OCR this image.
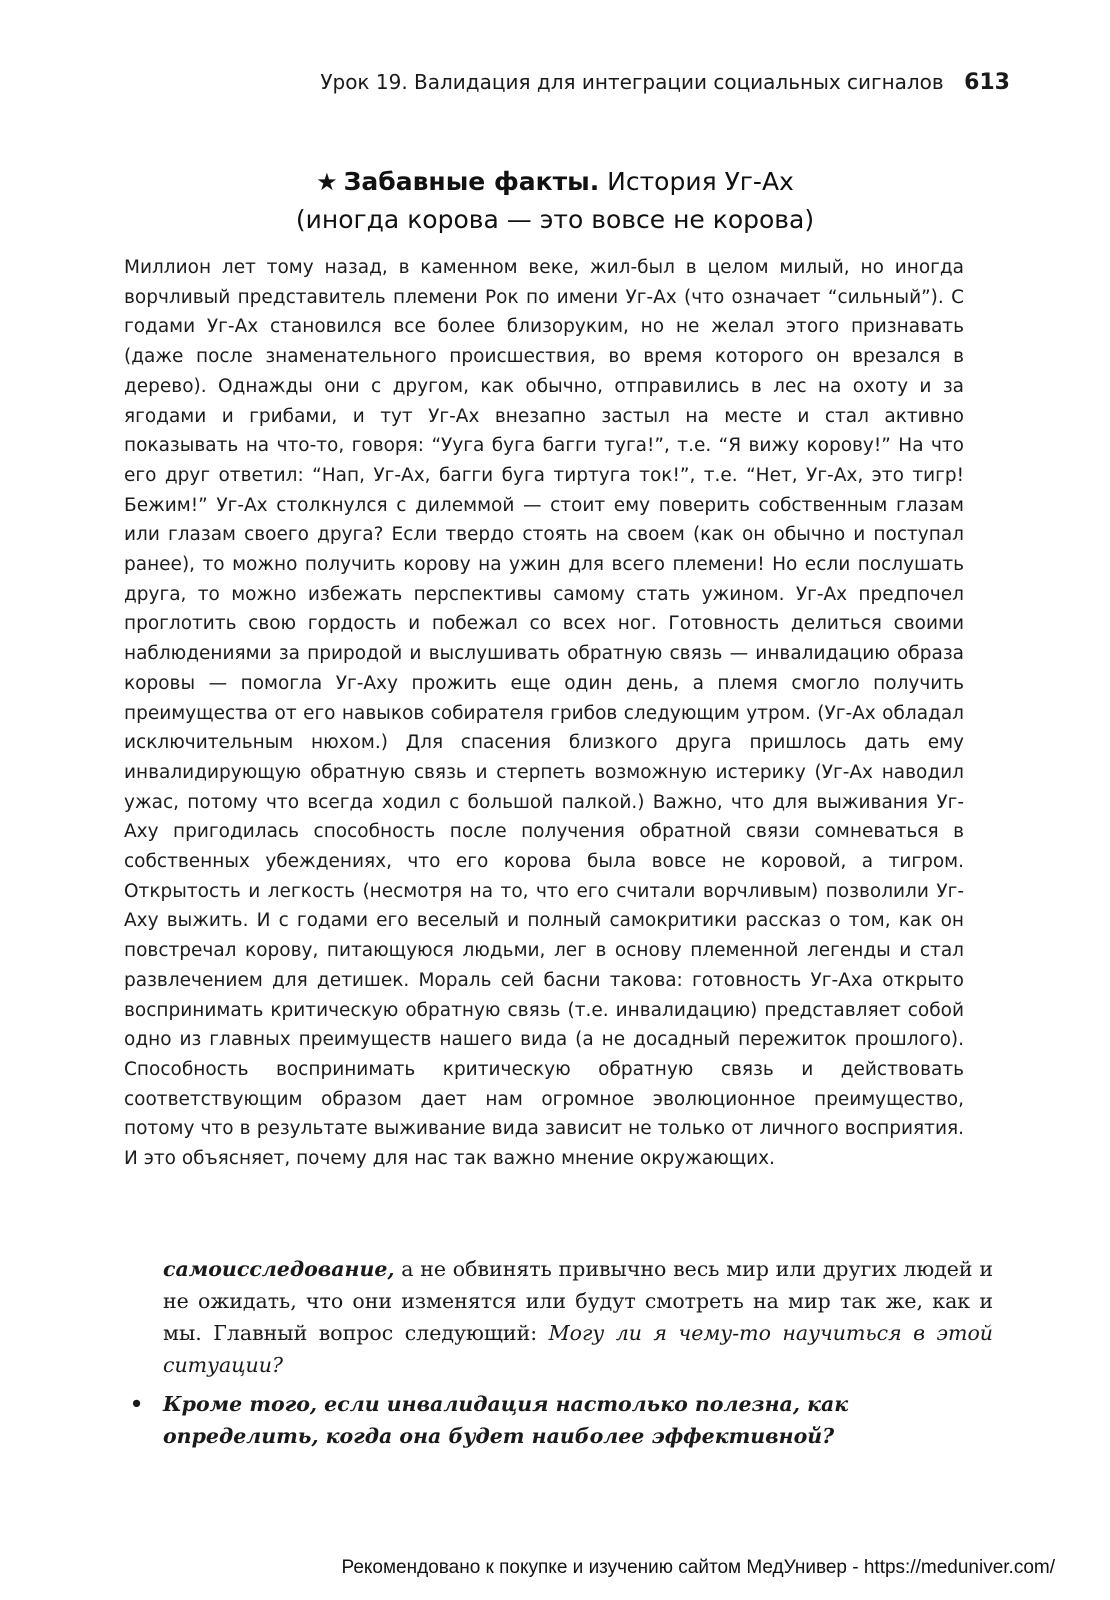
Урок 19. Валидация для интеграции социальных сигналов 613
★ Забавные факты. История Уг-Ах
(иногда корова — это вовсе не корова)

Миллион лет тому назад, в каменном веке, жил-был в целом милый, но иногда ворчливый представитель племени Рок по имени Уг-Ах (что означает “сильный”). С годами Уг-Ах становился все более близоруким, но не желал этого признавать (даже после знаменательного происшествия, во время которого он врезался в дерево). Однажды они с другом, как обычно, отправились в лес на охоту и за ягодами и грибами, и тут Уг-Ах внезапно застыл на месте и стал активно показывать на что-то, говоря: “Ууга буга багги туга!”, т.е. “Я вижу корову!” На что его друг ответил: “Нап, Уг-Ах, багги буга тиртуга ток!”, т.е. “Нет, Уг-Ах, это тигр! Бежим!” Уг-Ах столкнулся с дилеммой — стоит ему поверить собственным глазам или глазам своего друга? Если твердо стоять на своем (как он обычно и поступал ранее), то можно получить корову на ужин для всего племени! Но если послушать друга, то можно избежать перспективы самому стать ужином. Уг-Ах предпочел проглотить свою гордость и побежал со всех ног. Готовность делиться своими наблюдениями за природой и выслушивать обратную связь — инвалидацию образа коровы — помогла Уг-Аху прожить еще один день, а племя смогло получить преимущества от его навыков собирателя грибов следующим утром. (Уг-Ах обладал исключительным нюхом.) Для спасения близкого друга пришлось дать ему инвалидирующую обратную связь и стерпеть возможную истерику (Уг-Ах наводил ужас, потому что всегда ходил с большой палкой.) Важно, что для выживания Уг-Аху пригодилась способность после получения обратной связи сомневаться в собственных убеждениях, что его корова была вовсе не коровой, а тигром. Открытость и легкость (несмотря на то, что его считали ворчливым) позволили Уг-Аху выжить. И с годами его веселый и полный самокритики рассказ о том, как он повстречал корову, питающуюся людьми, лег в основу племенной легенды и стал развлечением для детишек. Мораль сей басни такова: готовность Уг-Аха открыто воспринимать критическую обратную связь (т.е. инвалидацию) представляет собой одно из главных преимуществ нашего вида (а не досадный пережиток прошлого). Способность воспринимать критическую обратную связь и действовать соответствующим образом дает нам огромное эволюционное преимущество, потому что в результате выживание вида зависит не только от личного восприятия. И это объясняет, почему для нас так важно мнение окружающих.

самоисследование, а не обвинять привычно весь мир или других людей и не ожидать, что они изменятся или будут смотреть на мир так же, как и мы. Главный вопрос следующий: Могу ли я чему-то научиться в этой ситуации?

• Кроме того, если инвалидация настолько полезна, как определить, когда она будет наиболее эффективной?
Рекомендовано к покупке и изучению сайтом МедУнивер - https://meduniver.com/
